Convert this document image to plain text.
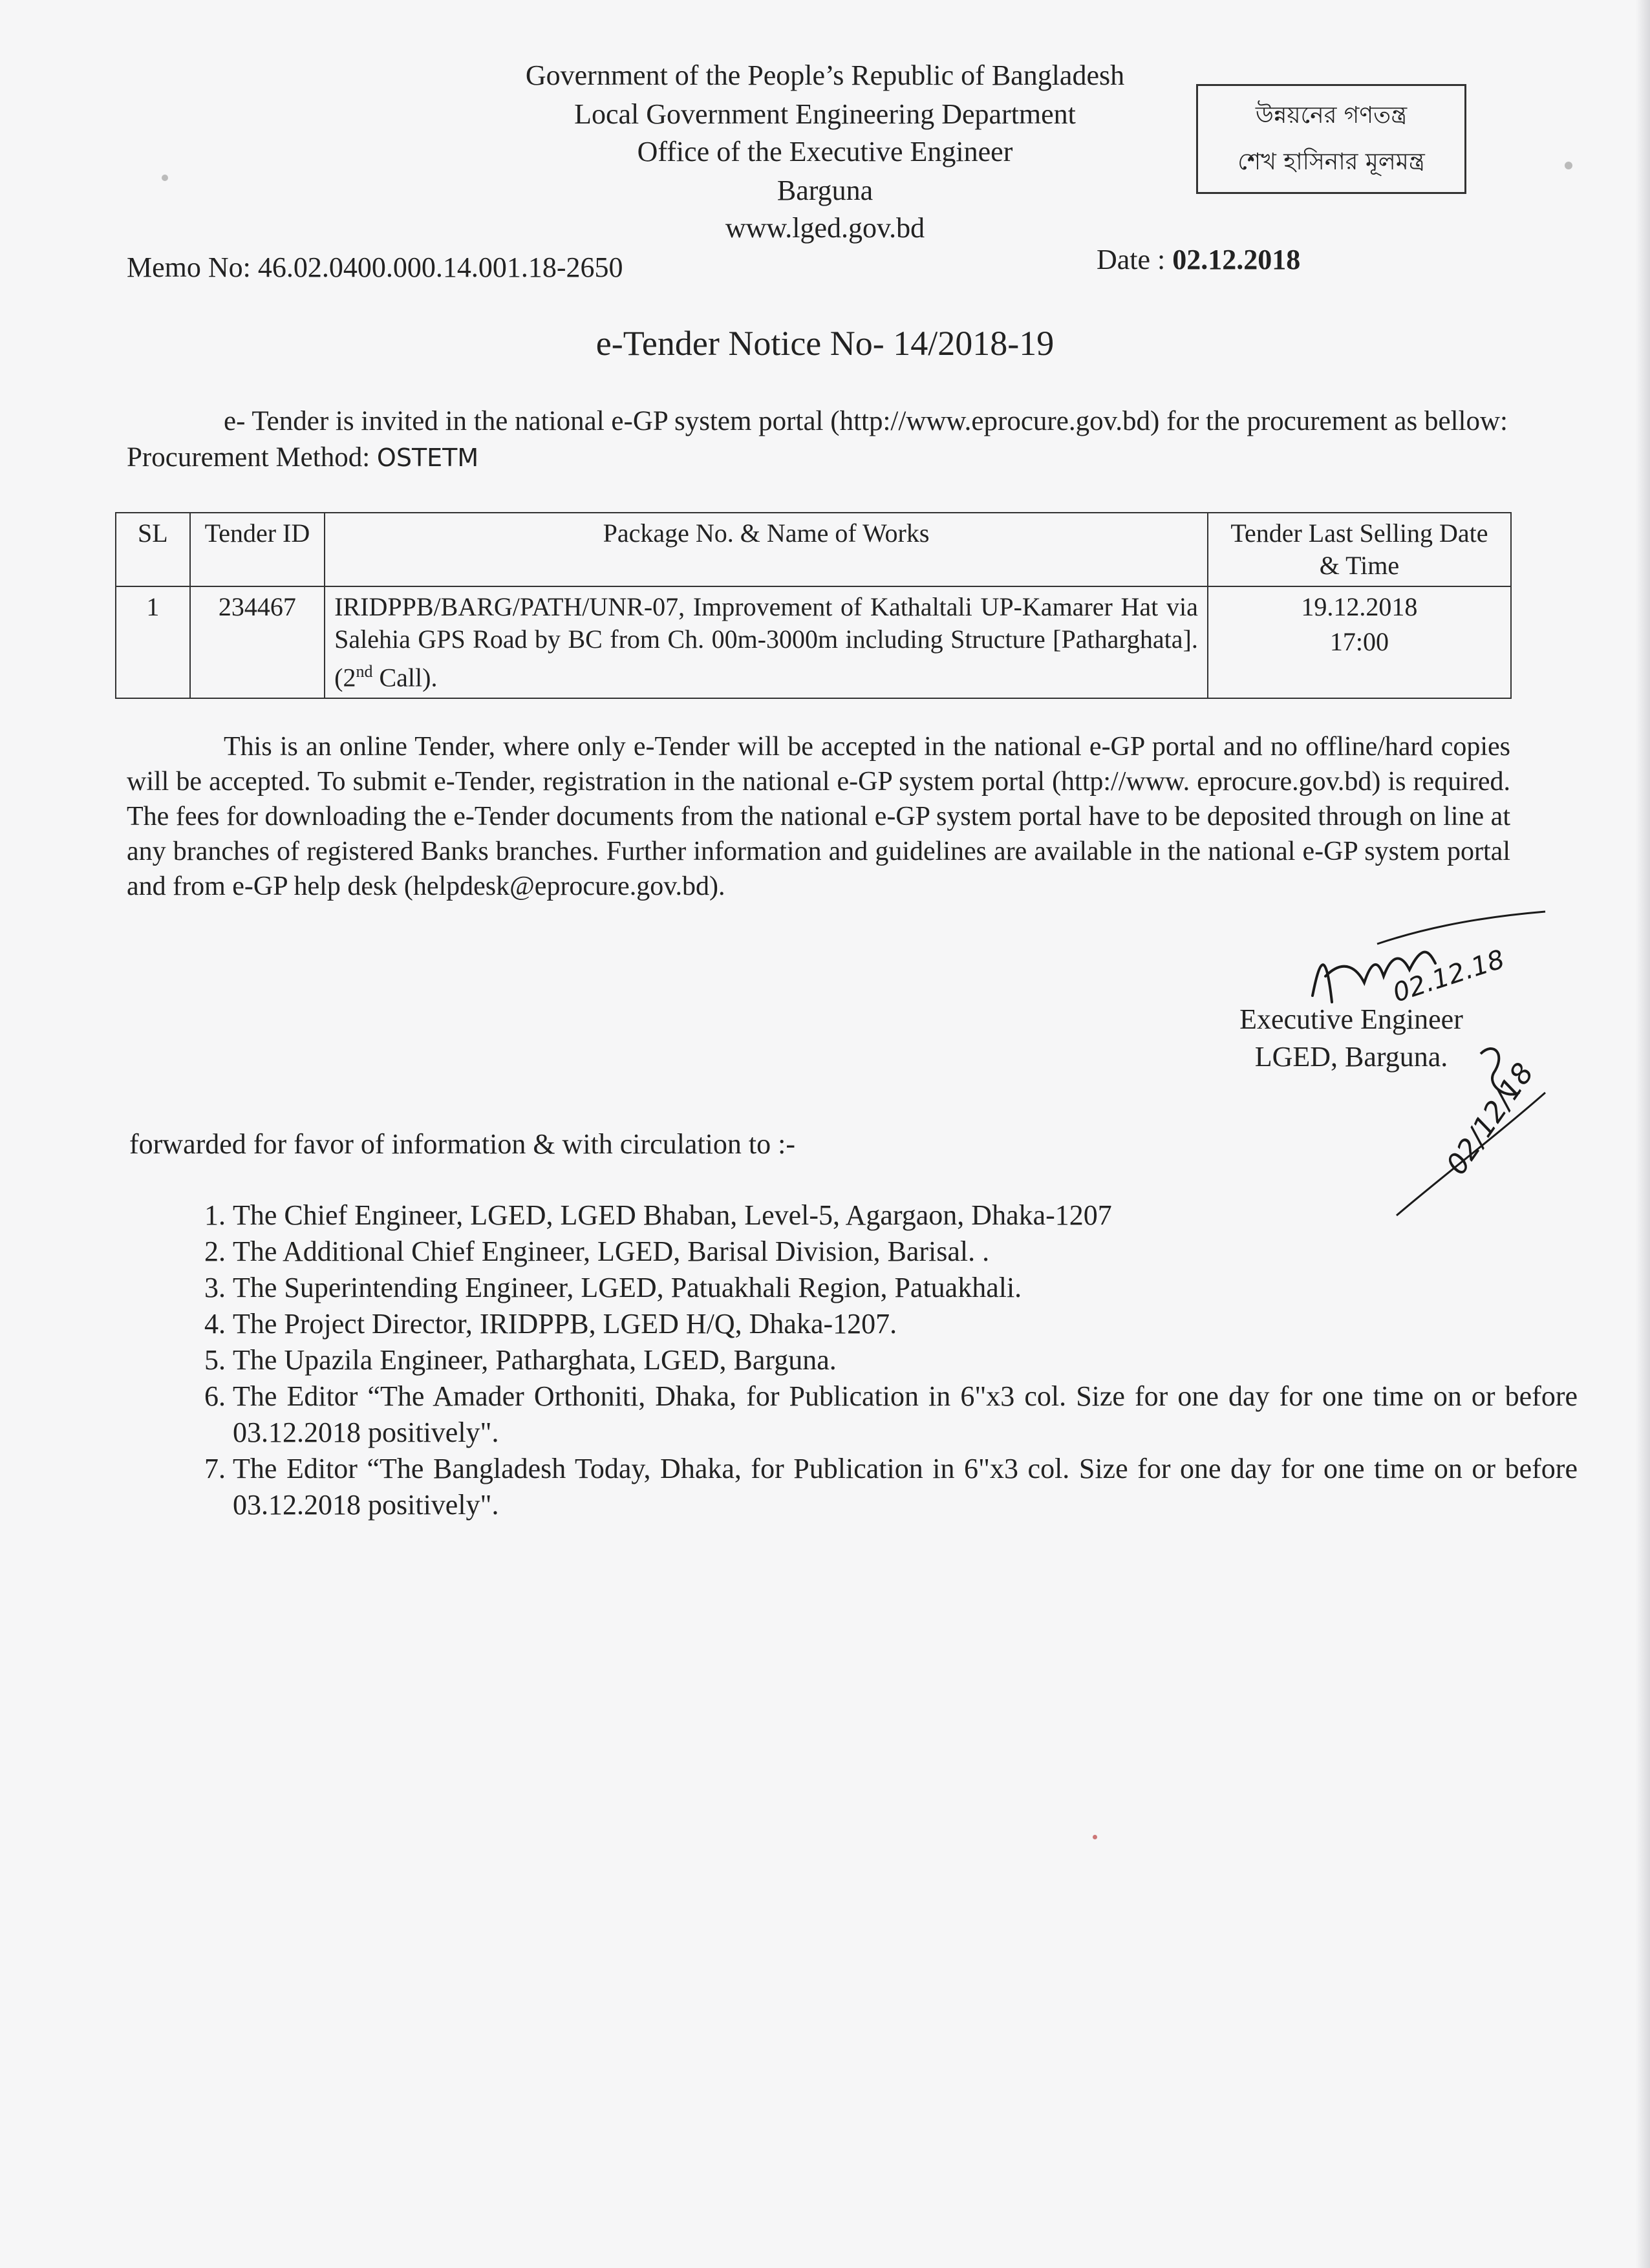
Government of the People’s Republic of Bangladesh
Local Government Engineering Department
Office of the Executive Engineer
Barguna
www.lged.gov.bd
উন্নয়নের গণতন্ত্র
শেখ হাসিনার মূলমন্ত্র
Memo No: 46.02.0400.000.14.001.18-2650	Date : 02.12.2018
e-Tender Notice No- 14/2018-19
e- Tender is invited in the national e-GP system portal (http://www.eprocure.gov.bd) for the procurement as bellow: Procurement Method: OSTETM
SL	Tender ID	Package No. & Name of Works	Tender Last Selling Date & Time
1	234467	IRIDPPB/BARG/PATH/UNR-07, Improvement of Kathaltali UP-Kamarer Hat via Salehia GPS Road by BC from Ch. 00m-3000m including Structure [Patharghata]. (2nd Call).	19.12.2018
17:00
This is an online Tender, where only e-Tender will be accepted in the national e-GP portal and no offline/hard copies will be accepted. To submit e-Tender, registration in the national e-GP system portal (http://www. eprocure.gov.bd) is required. The fees for downloading the e-Tender documents from the national e-GP system portal have to be deposited through on line at any branches of registered Banks branches. Further information and guidelines are available in the national e-GP system portal and from e-GP help desk (helpdesk@eprocure.gov.bd).
02.12.18
02/12/18
Executive Engineer
LGED, Barguna.
forwarded for favor of information & with circulation to :-
1. The Chief Engineer, LGED, LGED Bhaban, Level-5, Agargaon, Dhaka-1207
2. The Additional Chief Engineer, LGED, Barisal Division, Barisal. .
3. The Superintending Engineer, LGED, Patuakhali Region, Patuakhali.
4. The Project Director, IRIDPPB, LGED H/Q, Dhaka-1207.
5. The Upazila Engineer, Patharghata, LGED, Barguna.
6. The Editor “The Amader Orthoniti, Dhaka, for Publication in 6"x3 col. Size for one day for one time on or before 03.12.2018 positively".
7. The Editor “The Bangladesh Today, Dhaka, for Publication in 6"x3 col. Size for one day for one time on or before 03.12.2018 positively".
